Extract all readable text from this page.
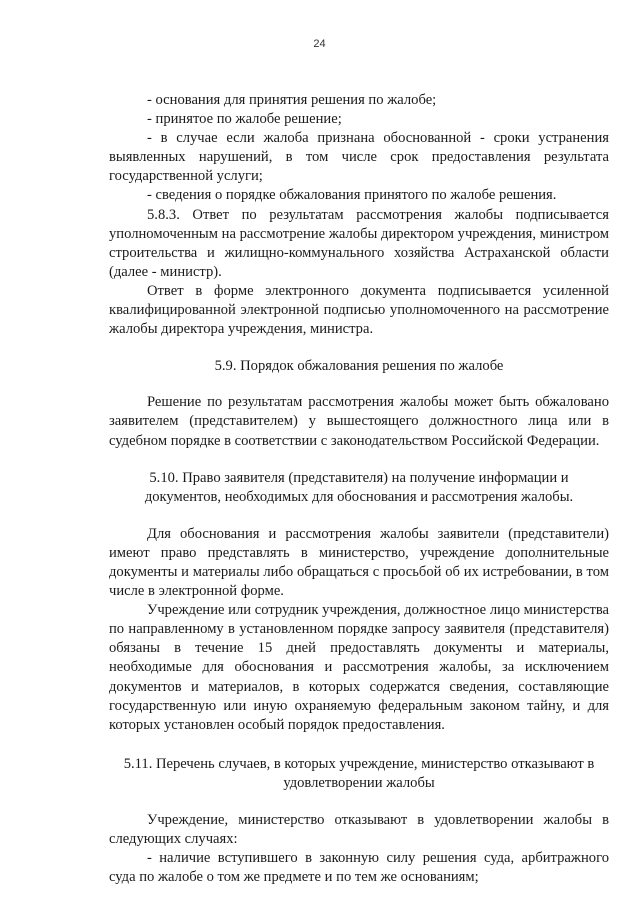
24

- основания для принятия решения по жалобе;

- принятое по жалобе решение;

- в случае если жалоба признана обоснованной - сроки устранения выявленных нарушений, в том числе срок предоставления результата государственной услуги;

- сведения о порядке обжалования принятого по жалобе решения.

5.8.3. Ответ по результатам рассмотрения жалобы подписывается уполномоченным на рассмотрение жалобы директором учреждения, министром строительства и жилищно-коммунального хозяйства Астраханской области (далее - министр).

Ответ в форме электронного документа подписывается усиленной квалифицированной электронной подписью уполномоченного на рассмотрение жалобы директора учреждения, министра.

5.9. Порядок обжалования решения по жалобе

Решение по результатам рассмотрения жалобы может быть обжаловано заявителем (представителем) у вышестоящего должностного лица или в судебном порядке в соответствии с законодательством Российской Федерации.

5.10. Право заявителя (представителя) на получение информации и
документов, необходимых для обоснования и рассмотрения жалобы.

Для обоснования и рассмотрения жалобы заявители (представители) имеют право представлять в министерство, учреждение дополнительные документы и материалы либо обращаться с просьбой об их истребовании, в том числе в электронной форме.

Учреждение или сотрудник учреждения, должностное лицо министерства по направленному в установленном порядке запросу заявителя (представителя) обязаны в течение 15 дней предоставлять документы и материалы, необходимые для обоснования и рассмотрения жалобы, за исключением документов и материалов, в которых содержатся сведения, составляющие государственную или иную охраняемую федеральным законом тайну, и для которых установлен особый порядок предоставления.

5.11. Перечень случаев, в которых учреждение, министерство отказывают в
удовлетворении жалобы

Учреждение, министерство отказывают в удовлетворении жалобы в следующих случаях:

- наличие вступившего в законную силу решения суда, арбитражного суда по жалобе о том же предмете и по тем же основаниям;
